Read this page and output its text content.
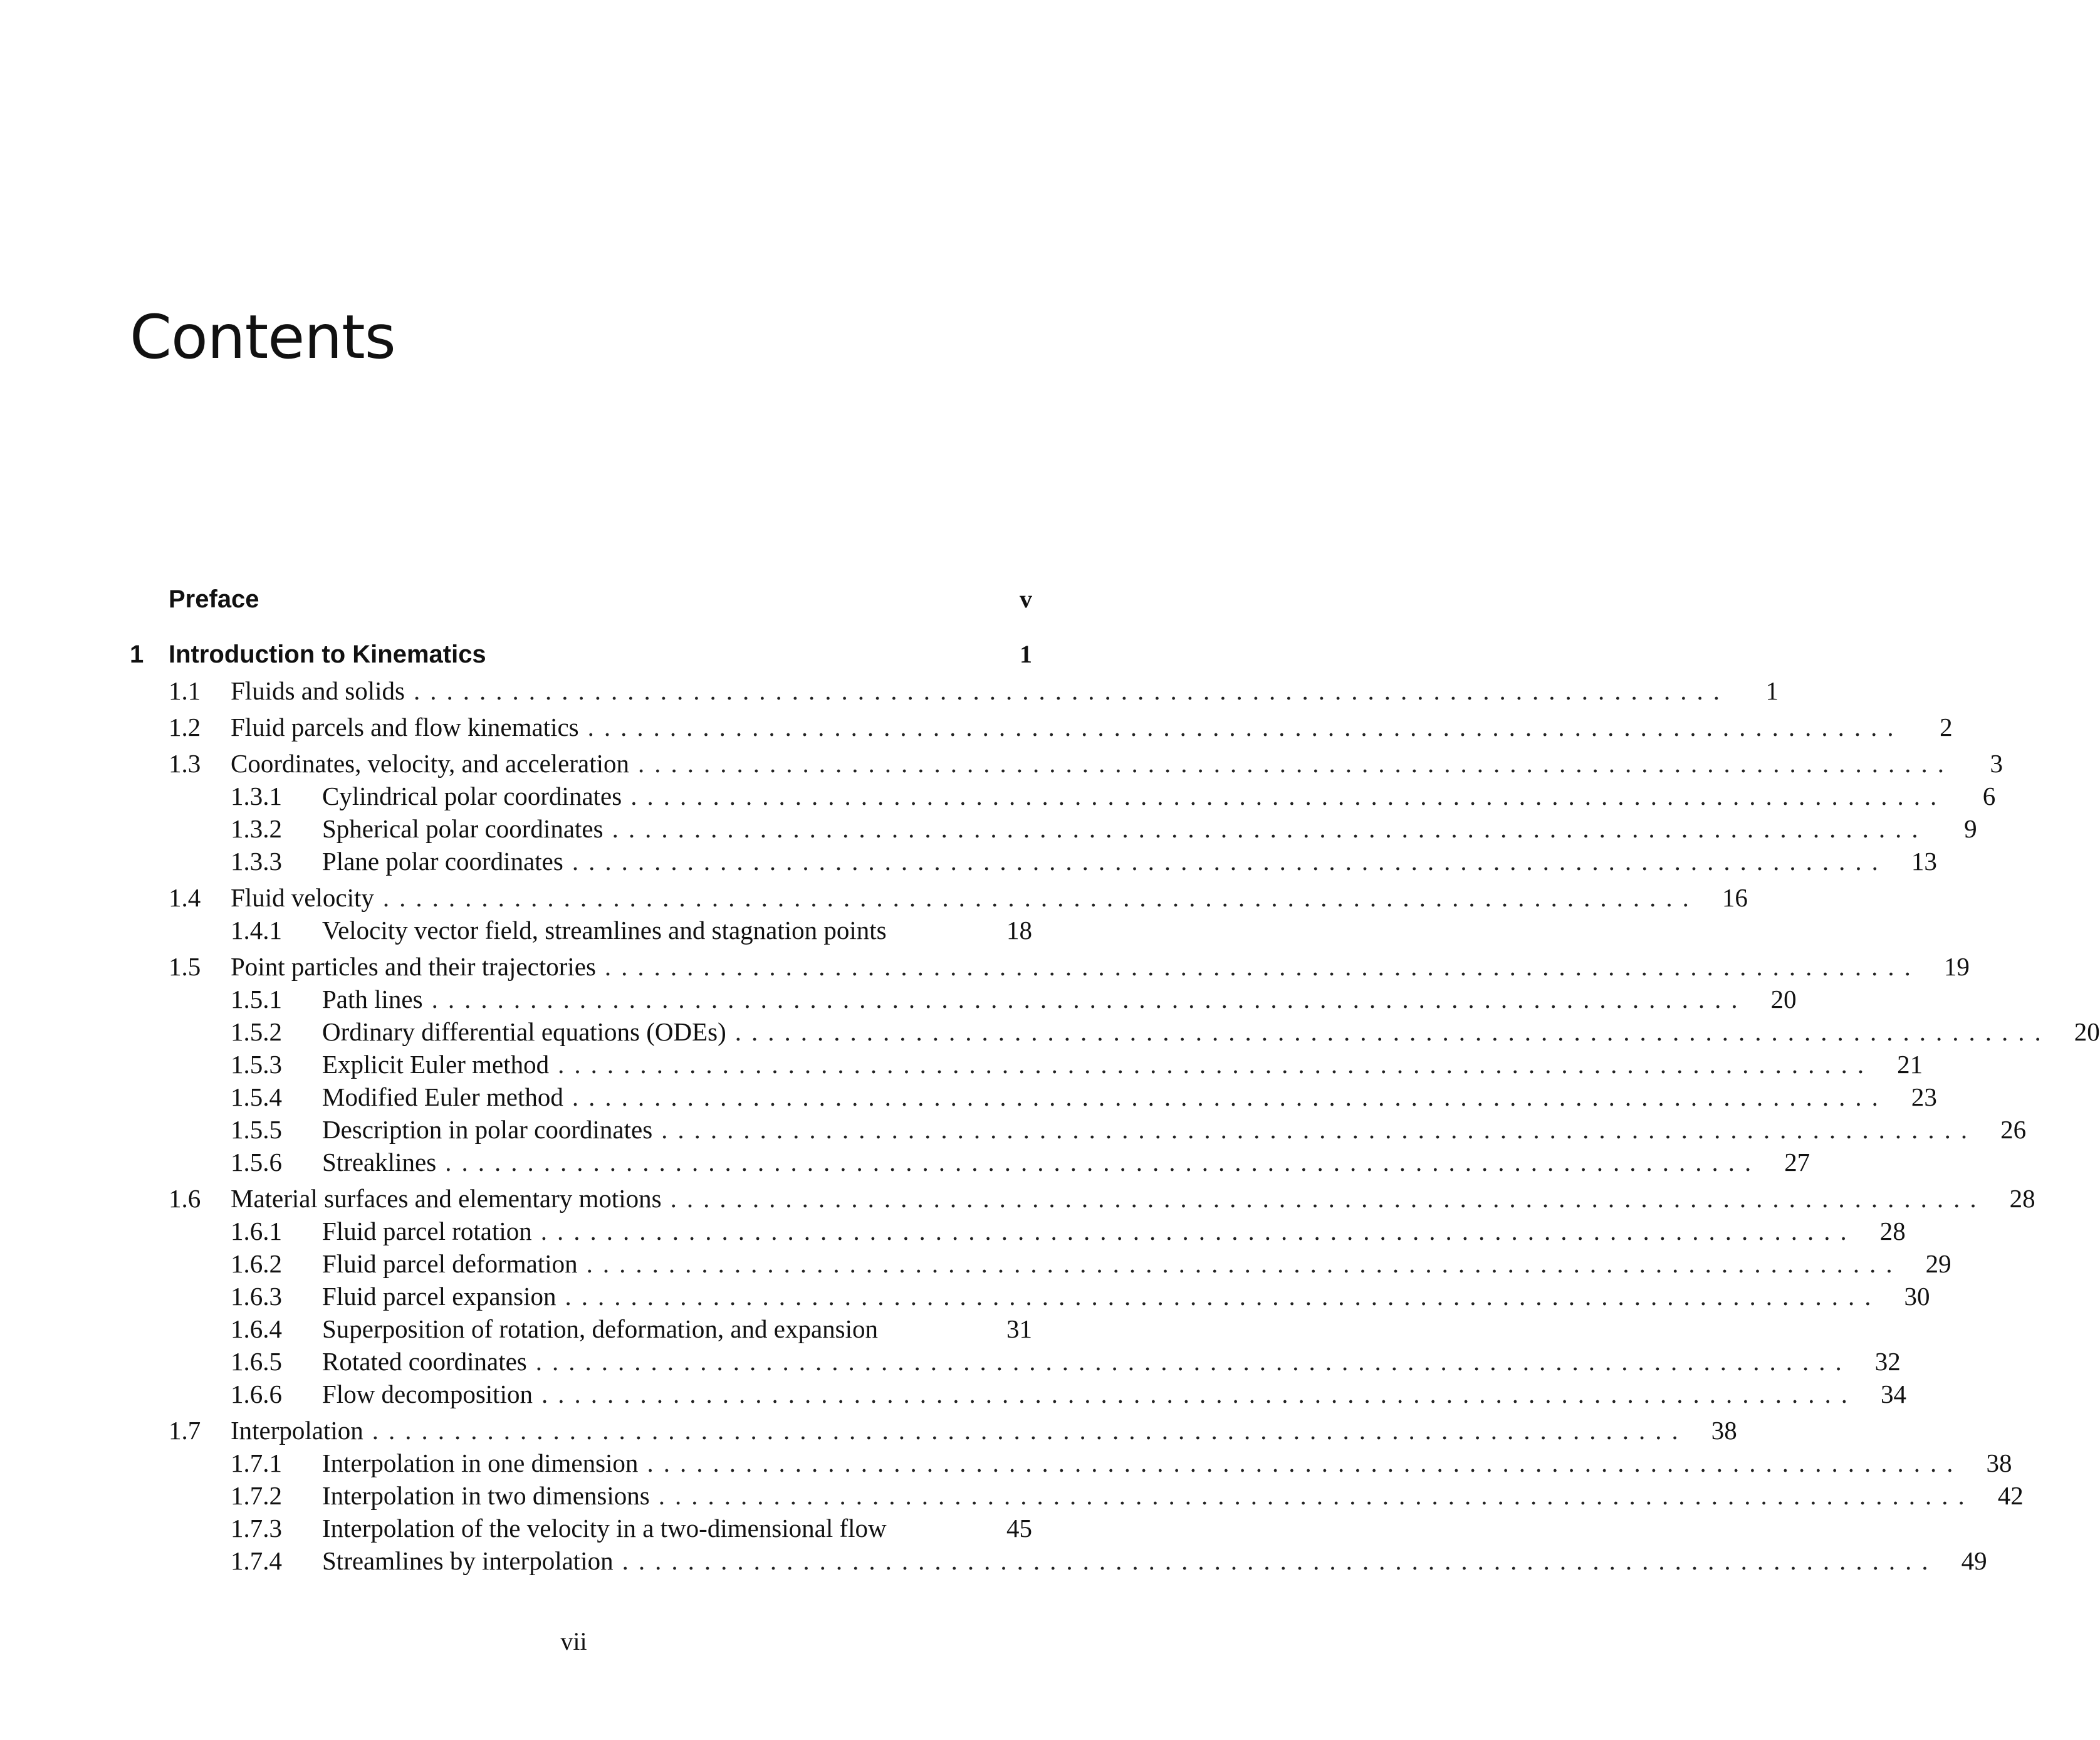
Contents
Preface	v
1 Introduction to Kinematics	1
1.1	Fluids and solids ................................................................................	1
1.2	Fluid parcels and flow kinematics ................................................................................	2
1.3	Coordinates, velocity, and acceleration ................................................................................	3
1.3.1	Cylindrical polar coordinates ................................................................................	6
1.3.2	Spherical polar coordinates ................................................................................	9
1.3.3	Plane polar coordinates ................................................................................ 13
1.4	Fluid velocity ................................................................................ 16
1.4.1	Velocity vector field, streamlines and stagnation points	18
1.5	Point particles and their trajectories ................................................................................ 19
1.5.1	Path lines ................................................................................ 20
1.5.2	Ordinary differential equations (ODEs) ................................................................................ 20
1.5.3	Explicit Euler method ................................................................................ 21
1.5.4	Modified Euler method ................................................................................ 23
1.5.5	Description in polar coordinates ................................................................................ 26
1.5.6	Streaklines ................................................................................ 27
1.6	Material surfaces and elementary motions ................................................................................ 28
1.6.1	Fluid parcel rotation ................................................................................ 28
1.6.2	Fluid parcel deformation ................................................................................ 29
1.6.3	Fluid parcel expansion ................................................................................ 30
1.6.4	Superposition of rotation, deformation, and expansion	31
1.6.5	Rotated coordinates ................................................................................ 32
1.6.6	Flow decomposition ................................................................................ 34
1.7	Interpolation ................................................................................ 38
1.7.1	Interpolation in one dimension ................................................................................ 38
1.7.2	Interpolation in two dimensions ................................................................................ 42
1.7.3	Interpolation of the velocity in a two-dimensional flow	45
1.7.4	Streamlines by interpolation ................................................................................ 49
vii
